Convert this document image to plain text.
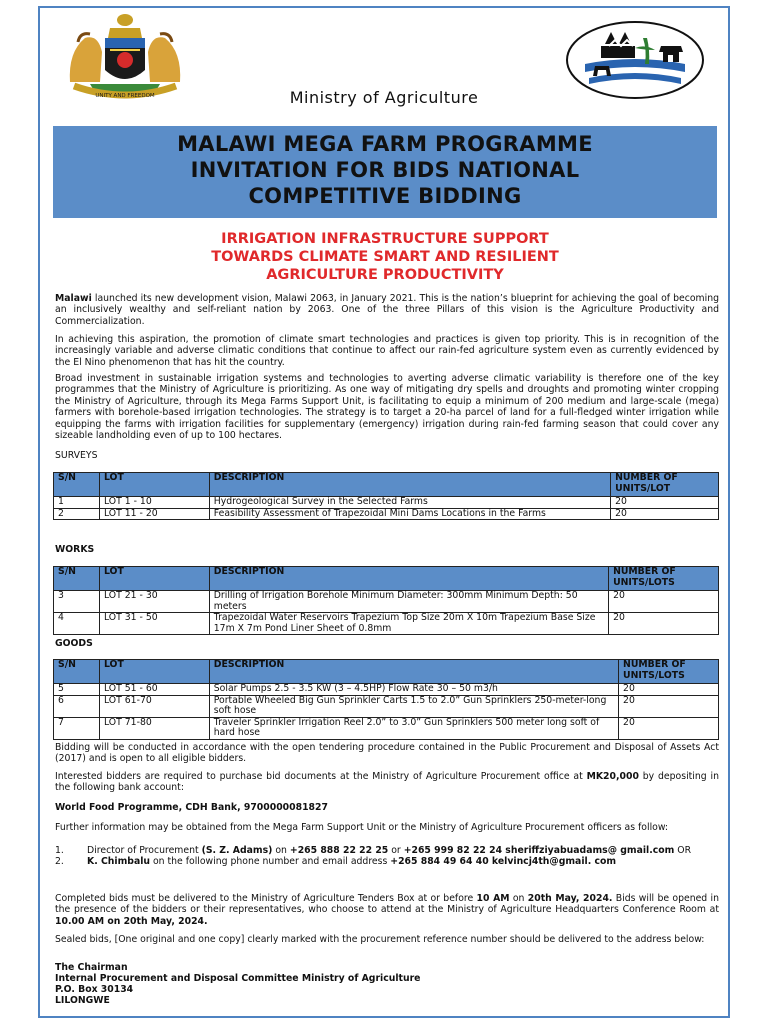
UNITY AND FREEDOM	Ministry of Agriculture
MALAWI MEGA FARM PROGRAMME
INVITATION FOR BIDS NATIONAL
COMPETITIVE BIDDING
IRRIGATION INFRASTRUCTURE SUPPORT
TOWARDS CLIMATE SMART AND RESILIENT
AGRICULTURE PRODUCTIVITY

Malawi launched its new development vision, Malawi 2063, in January 2021. This is the nation’s blueprint for achieving the goal of becoming an inclusively wealthy and self-reliant nation by 2063. One of the three Pillars of this vision is the Agriculture Productivity and Commercialization.

In achieving this aspiration, the promotion of climate smart technologies and practices is given top priority. This is in recognition of the increasingly variable and adverse climatic conditions that continue to affect our rain-fed agriculture system even as currently evidenced by the El Nino phenomenon that has hit the country.

Broad investment in sustainable irrigation systems and technologies to averting adverse climatic variability is therefore one of the key programmes that the Ministry of Agriculture is prioritizing. As one way of mitigating dry spells and droughts and promoting winter cropping the Ministry of Agriculture, through its Mega Farms Support Unit, is facilitating to equip a minimum of 200 medium and large-scale (mega) farmers with borehole-based irrigation technologies. The strategy is to target a 20-ha parcel of land for a full-fledged winter irrigation while equipping the farms with irrigation facilities for supplementary (emergency) irrigation during rain-fed farming season that could cover any sizeable landholding even of up to 100 hectares.

SURVEYS
S/N	LOT	DESCRIPTION	NUMBER OF UNITS/LOT
1	LOT 1 - 10	Hydrogeological Survey in the Selected Farms	20
2	LOT 11 - 20	Feasibility Assessment of Trapezoidal Mini Dams Locations in the Farms	20
WORKS
S/N	LOT	DESCRIPTION	NUMBER OF UNITS/LOTS
3	LOT 21 - 30	Drilling of Irrigation Borehole Minimum Diameter: 300mm Minimum Depth: 50 meters	20
4	LOT 31 - 50	Trapezoidal Water Reservoirs Trapezium Top Size 20m X 10m Trapezium Base Size 17m X 7m Pond Liner Sheet of 0.8mm	20
GOODS
S/N	LOT	DESCRIPTION	NUMBER OF UNITS/LOTS
5	LOT 51 - 60	Solar Pumps 2.5 - 3.5 KW (3 – 4.5HP) Flow Rate 30 – 50 m3/h	20
6	LOT 61-70	Portable Wheeled Big Gun Sprinkler Carts 1.5 to 2.0” Gun Sprinklers 250-meter-long soft hose	20
7	LOT 71-80	Traveler Sprinkler Irrigation Reel 2.0” to 3.0” Gun Sprinklers 500 meter long soft of hard hose	20

Bidding will be conducted in accordance with the open tendering procedure contained in the Public Procurement and Disposal of Assets Act (2017) and is open to all eligible bidders.

Interested bidders are required to purchase bid documents at the Ministry of Agriculture Procurement office at MK20,000 by depositing in the following bank account:

World Food Programme, CDH Bank, 9700000081827

Further information may be obtained from the Mega Farm Support Unit or the Ministry of Agriculture Procurement officers as follow:

1.	Director of Procurement (S. Z. Adams) on +265 888 22 22 25 or +265 999 82 22 24 sheriffziyabuadams@ gmail.com OR
2.	K. Chimbalu on the following phone number and email address +265 884 49 64 40 kelvincj4th@gmail. com

Completed bids must be delivered to the Ministry of Agriculture Tenders Box at or before 10 AM on 20th May, 2024. Bids will be opened in the presence of the bidders or their representatives, who choose to attend at the Ministry of Agriculture Headquarters Conference Room at 10.00 AM on 20th May, 2024.

Sealed bids, [One original and one copy] clearly marked with the procurement reference number should be delivered to the address below:

The Chairman
Internal Procurement and Disposal Committee Ministry of Agriculture
P.O. Box 30134
LILONGWE
